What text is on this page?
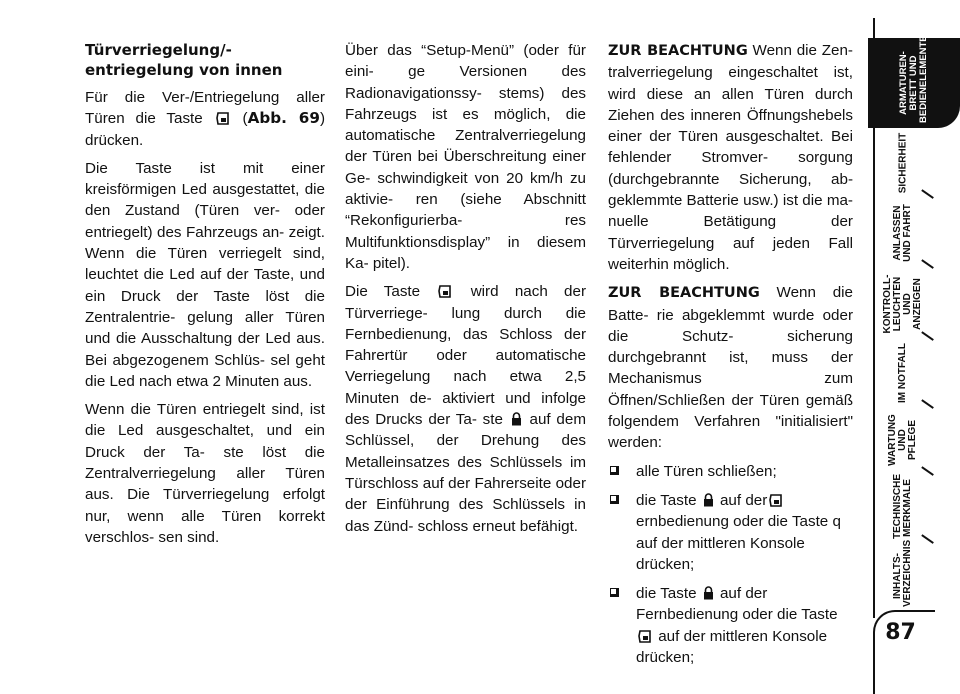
Türverriegelung/-
entriegelung von innen

Für die Ver-/Entriegelung aller Türen die Taste	(Abb. 69) drücken.

Die Taste ist mit einer kreisförmigen Led ausgestattet, die den Zustand (Türen ver- oder entriegelt) des Fahrzeugs an- zeigt. Wenn die Türen verriegelt sind, leuchtet die Led auf der Taste, und ein Druck der Taste löst die Zentralentrie- gelung aller Türen und die Ausschaltung der Led aus. Bei abgezogenem Schlüs- sel geht die Led nach etwa 2 Minuten aus.

Wenn die Türen entriegelt sind, ist die Led ausgeschaltet, und ein Druck der Ta- ste löst die Zentralverriegelung aller Türen aus. Die Türverriegelung erfolgt nur, wenn alle Türen korrekt verschlos- sen sind.

Über das “Setup-Menü” (oder für eini- ge Versionen des Radionavigationssy- stems) des Fahrzeugs ist es möglich, die automatische Zentralverriegelung der Türen bei Überschreitung einer Ge- schwindigkeit von 20 km/h zu aktivie- ren (siehe Abschnitt “Rekonfigurierba- res Multifunktionsdisplay” in diesem Ka- pitel).

Die Taste	wird nach der Türverriege- lung durch die Fernbedienung, das Schloss der Fahrertür oder automatische Verriegelung nach etwa 2,5 Minuten de- aktiviert und infolge des Drucks der Ta- ste auf dem Schlüssel, der Drehung des Metalleinsatzes des Schlüssels im Türschloss auf der Fahrerseite oder der Einführung des Schlüssels in das Zünd- schloss erneut befähigt.

ZUR BEACHTUNG Wenn die Zen- tralverriegelung eingeschaltet ist, wird diese an allen Türen durch Ziehen des inneren Öffnungshebels einer der Türen ausgeschaltet. Bei fehlender Stromver- sorgung (durchgebrannte Sicherung, ab- geklemmte Batterie usw.) ist die ma- nuelle Betätigung der Türverriegelung auf jeden Fall weiterhin möglich.

ZUR BEACHTUNG Wenn die Batte- rie abgeklemmt wurde oder die Schutz- sicherung durchgebrannt ist, muss der Mechanismus zum Öffnen/Schließen der Türen gemäß folgendem Verfahren "initialisiert" werden:

alle Türen schließen;
die Taste auf derernbedienung oder die Taste q auf der mittleren Konsole drücken;
die Taste auf der Fernbedienung oder die Taste  auf der mittleren Konsole drücken;
ARMATUREN- BRETT UND BEDIENELEMENTE
SICHERHEIT
ANLASSEN UND FAHRT
KONTROLL- LEUCHTEN UND ANZEIGEN
IM NOTFALL
WARTUNG UND PFLEGE
TECHNISCHE MERKMALE
INHALTS- VERZEICHNIS
87
